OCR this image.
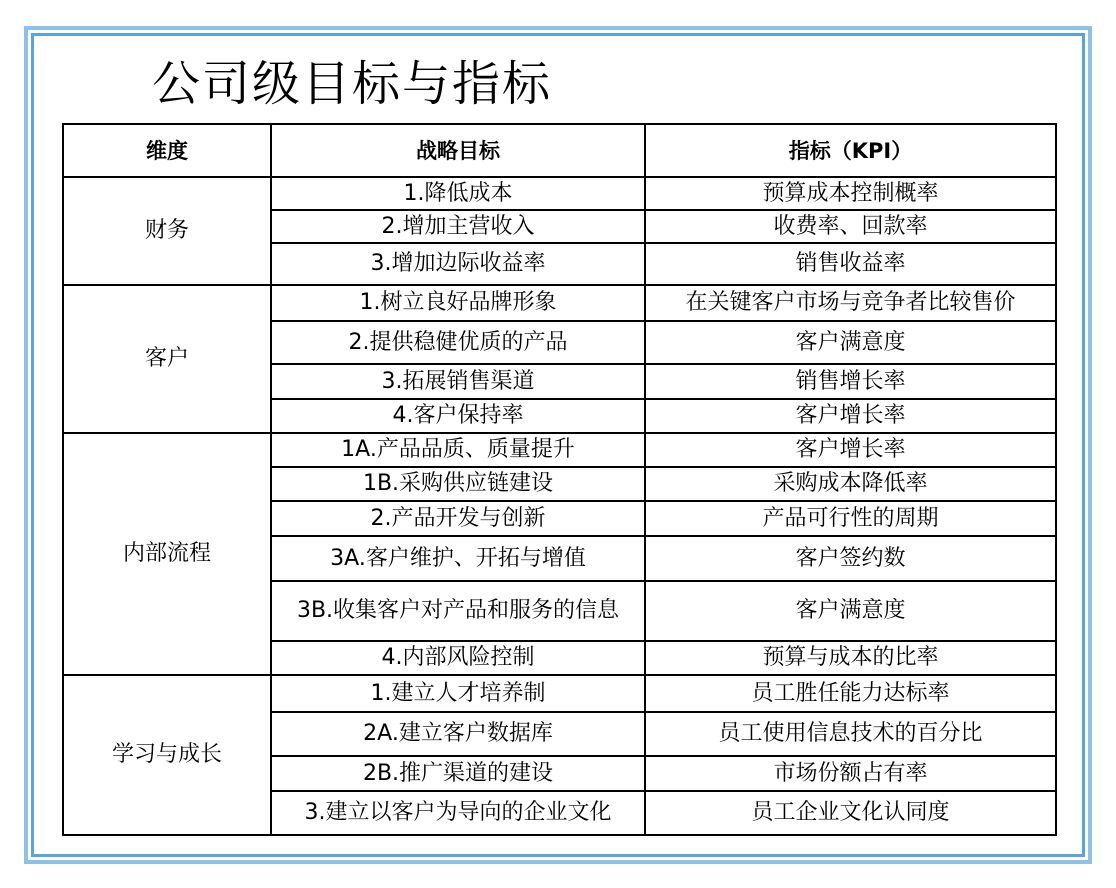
公司级目标与指标
维度	战略目标	指标（KPI）
财务	1.降低成本	预算成本控制概率
	2.增加主营收入	收费率、回款率
	3.增加边际收益率	销售收益率
客户	1.树立良好品牌形象	在关键客户市场与竞争者比较售价
	2.提供稳健优质的产品	客户满意度
	3.拓展销售渠道	销售增长率
	4.客户保持率	客户增长率
内部流程	1A.产品品质、质量提升	客户增长率
	1B.采购供应链建设	采购成本降低率
	2.产品开发与创新	产品可行性的周期
	3A.客户维护、开拓与增值	客户签约数
	3B.收集客户对产品和服务的信息	客户满意度
	4.内部风险控制	预算与成本的比率
学习与成长	1.建立人才培养制	员工胜任能力达标率
	2A.建立客户数据库	员工使用信息技术的百分比
	2B.推广渠道的建设	市场份额占有率
	3.建立以客户为导向的企业文化	员工企业文化认同度
